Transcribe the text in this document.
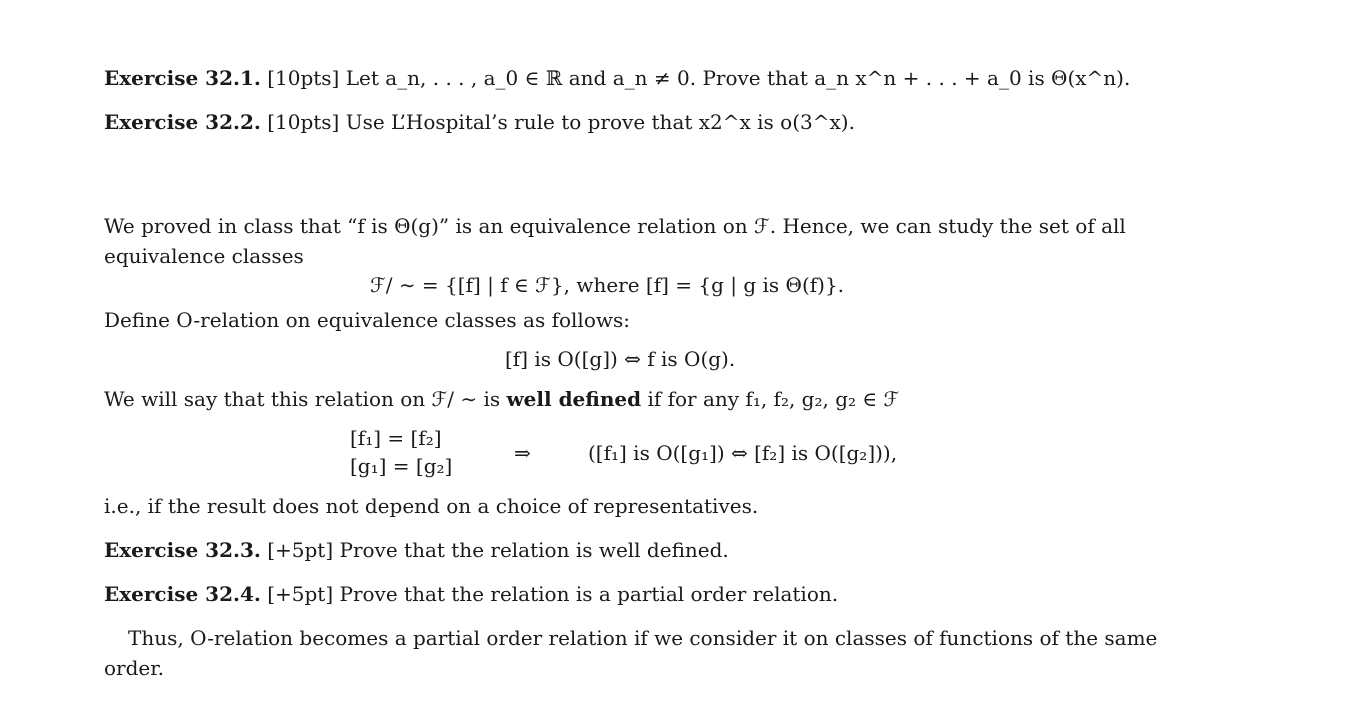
Exercise 32.1. [10pts] Let a_n, . . . , a_0 ∈ ℝ and a_n ≠ 0. Prove that a_n x^n + . . . + a_0 is Θ(x^n).
Exercise 32.2. [10pts] Use L’Hospital’s rule to prove that x2^x is o(3^x).
We proved in class that “f is Θ(g)” is an equivalence relation on ℱ. Hence, we can study the set of all
equivalence classes
ℱ/ ∼ = {[f] | f ∈ ℱ}, where [f] = {g | g is Θ(f)}.
Define O-relation on equivalence classes as follows:
[f] is O([g]) ⇔ f is O(g).
We will say that this relation on ℱ/ ∼ is well defined if for any f₁, f₂, g₂, g₂ ∈ ℱ
[f₁] = [f₂]
[g₁] = [g₂]
⇒	([f₁] is O([g₁]) ⇔ [f₂] is O([g₂])),
i.e., if the result does not depend on a choice of representatives.
Exercise 32.3. [+5pt] Prove that the relation is well defined.
Exercise 32.4. [+5pt] Prove that the relation is a partial order relation.
Thus, O-relation becomes a partial order relation if we consider it on classes of functions of the same
order.
